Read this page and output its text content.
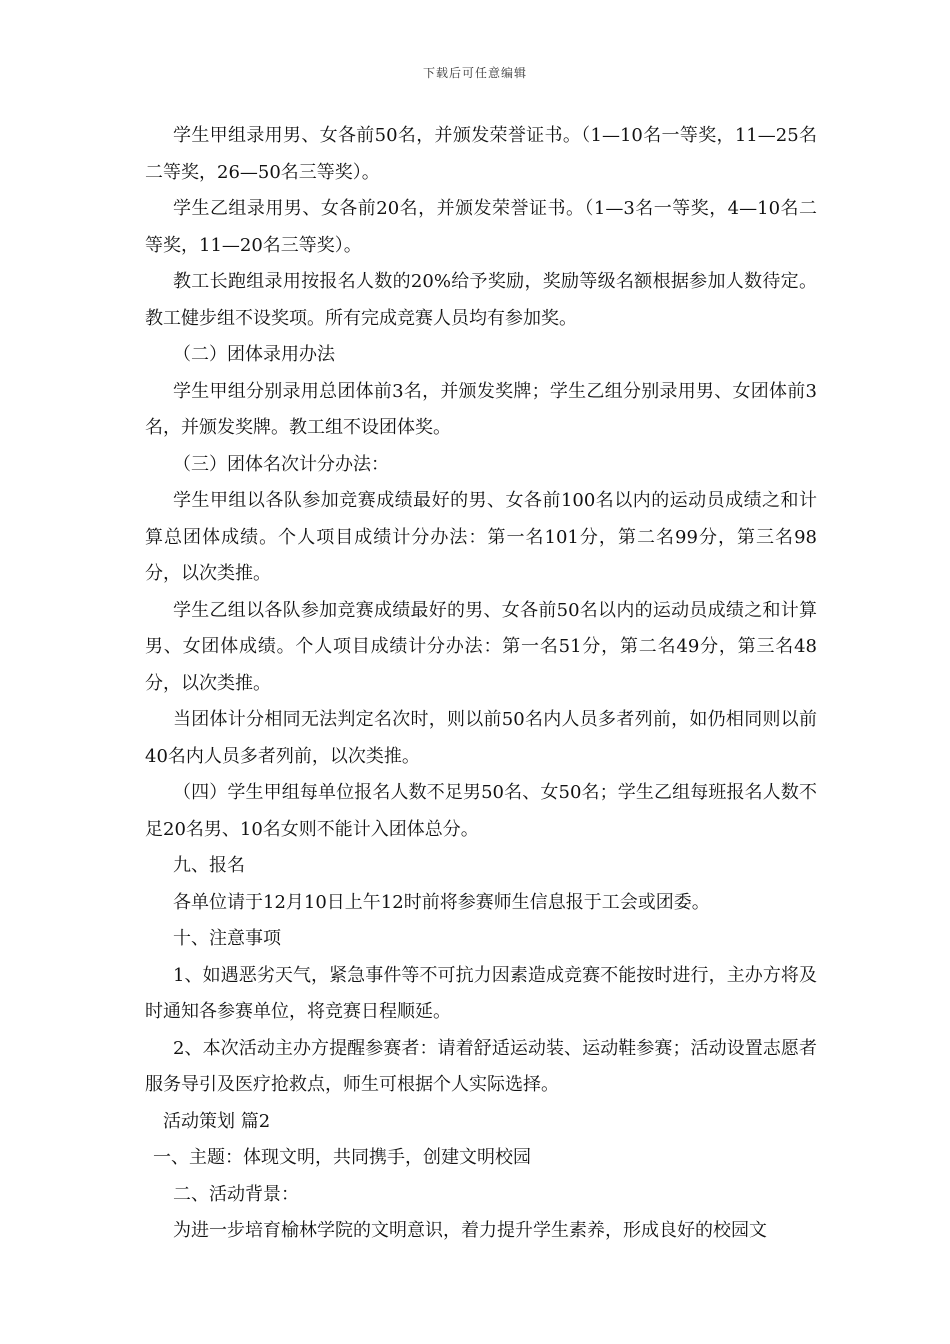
下载后可任意编辑

学生甲组录用男、女各前50名，并颁发荣誉证书。（1—10名一等奖，11—25名二等奖，26—50名三等奖）。

学生乙组录用男、女各前20名，并颁发荣誉证书。（1—3名一等奖，4—10名二等奖，11—20名三等奖）。

教工长跑组录用按报名人数的20%给予奖励，奖励等级名额根据参加人数待定。教工健步组不设奖项。所有完成竞赛人员均有参加奖。

（二）团体录用办法

学生甲组分别录用总团体前3名，并颁发奖牌；学生乙组分别录用男、女团体前3名，并颁发奖牌。教工组不设团体奖。

（三）团体名次计分办法：

学生甲组以各队参加竞赛成绩最好的男、女各前100名以内的运动员成绩之和计算总团体成绩。个人项目成绩计分办法：第一名101分，第二名99分，第三名98分，以次类推。

学生乙组以各队参加竞赛成绩最好的男、女各前50名以内的运动员成绩之和计算男、女团体成绩。个人项目成绩计分办法：第一名51分，第二名49分，第三名48分，以次类推。

当团体计分相同无法判定名次时，则以前50名内人员多者列前，如仍相同则以前40名内人员多者列前，以次类推。

（四）学生甲组每单位报名人数不足男50名、女50名；学生乙组每班报名人数不足20名男、10名女则不能计入团体总分。

九、报名

各单位请于12月10日上午12时前将参赛师生信息报于工会或团委。

十、注意事项

1、如遇恶劣天气，紧急事件等不可抗力因素造成竞赛不能按时进行，主办方将及时通知各参赛单位，将竞赛日程顺延。

2、本次活动主办方提醒参赛者：请着舒适运动装、运动鞋参赛；活动设置志愿者服务导引及医疗抢救点，师生可根据个人实际选择。

活动策划 篇2

一、主题：体现文明，共同携手，创建文明校园

二、活动背景：

为进一步培育榆林学院的文明意识，着力提升学生素养，形成良好的校园文
